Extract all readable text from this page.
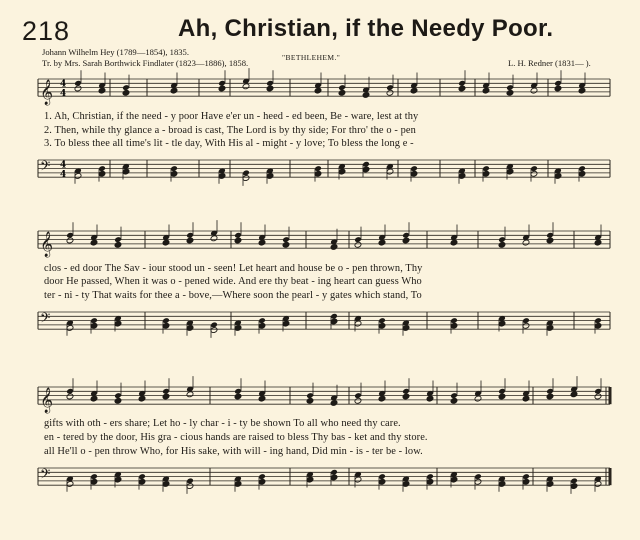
218	Ah, Christian, if the Needy Poor.
Johann Wilhelm Hey (1789—1854), 1835.
Tr. by Mrs. Sarah Borthwick Findlater (1823—1886), 1858.
"BETHLEHEM."
L. H. Redner (1831— ).
𝄞 4
4
𝄢 4
4
𝄞
𝄢
𝄞
𝄢
1. Ah, Christian, if the need - y poor Have e'er un - heed - ed been, Be - ware, lest at thy
2. Then, while thy glance a - broad is cast, The Lord is by thy side; For thro' the o - pen
3. To bless thee all time's lit - tle day, With His al - might - y love; To bless the long e -
clos - ed door The Sav - iour stood un - seen! Let heart and house be o - pen thrown, Thy
door He passed, When it was o - pened wide. And ere thy beat - ing heart can guess Who
ter - ni - ty That waits for thee a - bove,—Where soon the pearl - y gates which stand, To
gifts with oth - ers share; Let ho - ly char - i - ty be shown To all who need thy care.
en - tered by the door, His gra - cious hands are raised to bless Thy bas - ket and thy store.
all He'll o - pen throw Who, for His sake, with will - ing hand, Did min - is - ter be - low.
